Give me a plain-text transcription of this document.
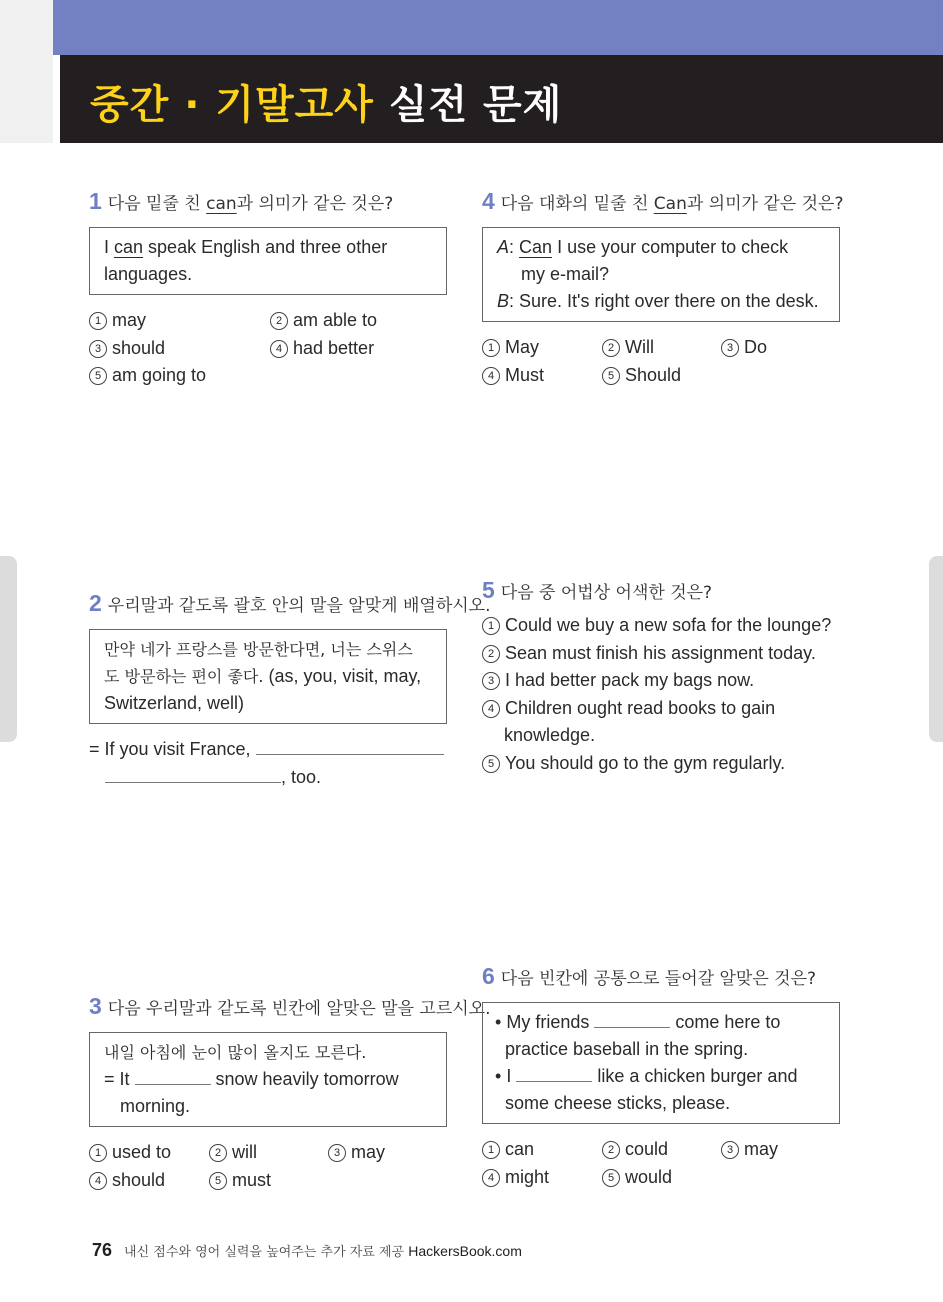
중간 · 기말고사 실전 문제
1 다음 밑줄 친 can과 의미가 같은 것은?
I can speak English and three other
languages.
1 may	2 am able to
3 should	4 had better
5 am going to
4 다음 대화의 밑줄 친 Can과 의미가 같은 것은?
A: Can I use your computer to check
my e-mail?
B: Sure. It's right over there on the desk.
1 May	2 Will	3 Do
4 Must	5 Should
2 우리말과 같도록 괄호 안의 말을 알맞게 배열하시오.
만약 네가 프랑스를 방문한다면, 너는 스위스
도 방문하는 편이 좋다. (as, you, visit, may,
Switzerland, well)
= If you visit France,
, too.
5 다음 중 어법상 어색한 것은?
1 Could we buy a new sofa for the lounge?
2 Sean must finish his assignment today.
3 I had better pack my bags now.
4 Children ought read books to gain
knowledge.
5 You should go to the gym regularly.
3 다음 우리말과 같도록 빈칸에 알맞은 말을 고르시오.
내일 아침에 눈이 많이 올지도 모른다.
= It	snow heavily tomorrow
morning.
1 used to	2 will	3 may
4 should	5 must
6 다음 빈칸에 공통으로 들어갈 알맞은 것은?
• My friends	come here to
practice baseball in the spring.
• I	like a chicken burger and
some cheese sticks, please.
1 can	2 could	3 may
4 might	5 would
76 내신 점수와 영어 실력을 높여주는 추가 자료 제공 HackersBook.com
